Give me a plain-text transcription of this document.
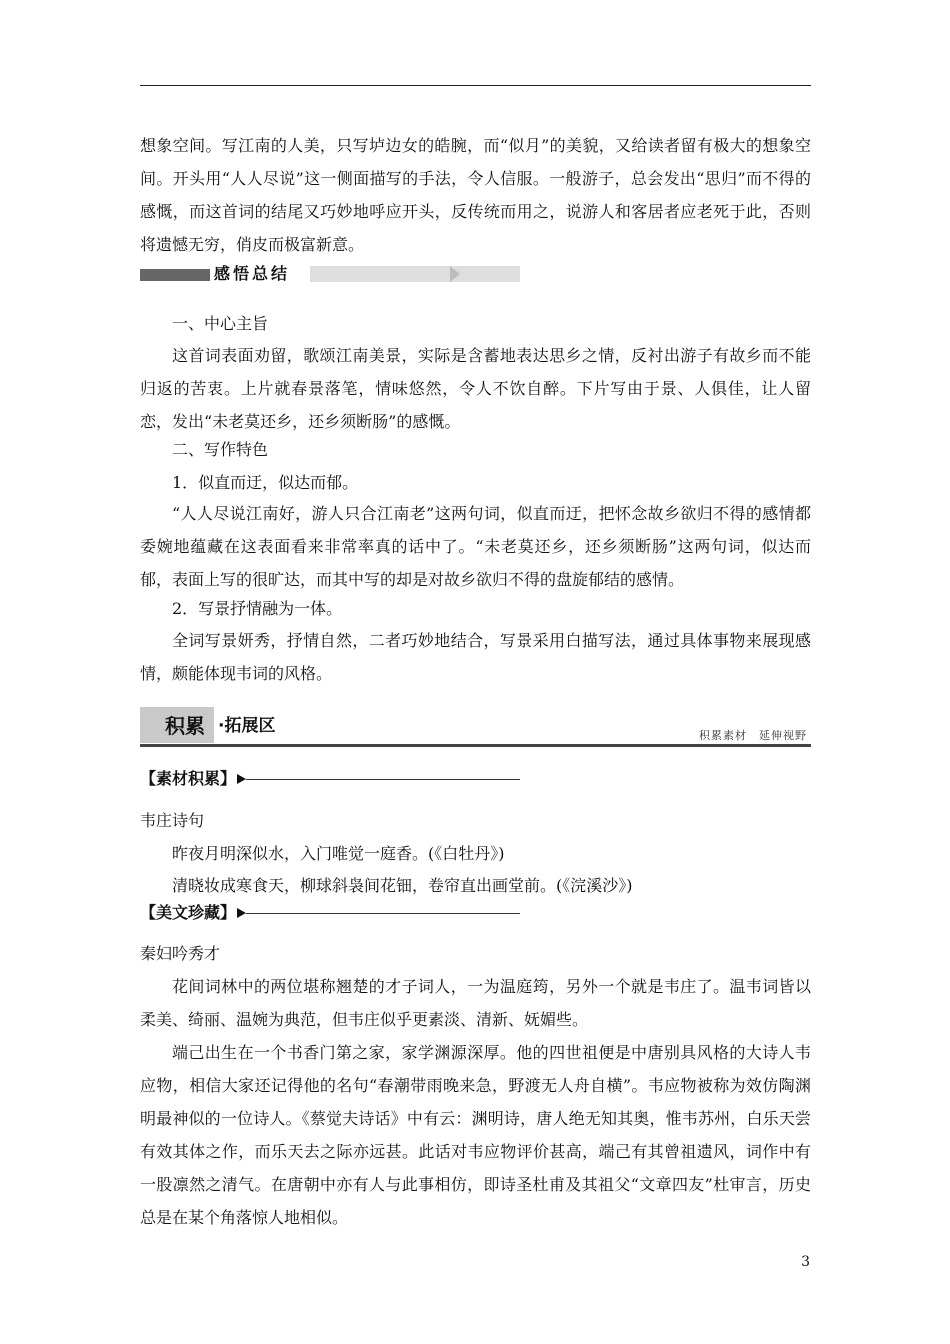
想象空间。写江南的人美，只写垆边女的皓腕，而“似月”的美貌，又给读者留有极大的想象空间。开头用“人人尽说”这一侧面描写的手法，令人信服。一般游子，总会发出“思归”而不得的感慨，而这首词的结尾又巧妙地呼应开头，反传统而用之，说游人和客居者应老死于此，否则将遗憾无穷，俏皮而极富新意。

感悟总结

一、中心主旨

这首词表面劝留，歌颂江南美景，实际是含蓄地表达思乡之情，反衬出游子有故乡而不能归返的苦衷。上片就春景落笔，情味悠然，令人不饮自醉。下片写由于景、人俱佳，让人留恋，发出“未老莫还乡，还乡须断肠”的感慨。

二、写作特色

1．似直而迂，似达而郁。

“人人尽说江南好，游人只合江南老”这两句词，似直而迂，把怀念故乡欲归不得的感情都委婉地蕴藏在这表面看来非常率真的话中了。“未老莫还乡，还乡须断肠”这两句词，似达而郁，表面上写的很旷达，而其中写的却是对故乡欲归不得的盘旋郁结的感情。

2．写景抒情融为一体。

全词写景妍秀，抒情自然，二者巧妙地结合，写景采用白描写法，通过具体事物来展现感情，颇能体现韦词的风格。

积累 ·拓展区	积累素材　延伸视野
【素材积累】

韦庄诗句

昨夜月明深似水，入门唯觉一庭香。(《白牡丹》)

清晓妆成寒食天，柳球斜袅间花钿，卷帘直出画堂前。(《浣溪沙》)

【美文珍藏】

秦妇吟秀才

花间词林中的两位堪称翘楚的才子词人，一为温庭筠，另外一个就是韦庄了。温韦词皆以柔美、绮丽、温婉为典范，但韦庄似乎更素淡、清新、妩媚些。

端己出生在一个书香门第之家，家学渊源深厚。他的四世祖便是中唐别具风格的大诗人韦应物，相信大家还记得他的名句“春潮带雨晚来急，野渡无人舟自横”。韦应物被称为效仿陶渊明最神似的一位诗人。《蔡觉夫诗话》中有云：渊明诗，唐人绝无知其奥，惟韦苏州，白乐天尝有效其体之作，而乐天去之际亦远甚。此话对韦应物评价甚高，端己有其曾祖遗风，词作中有一股凛然之清气。在唐朝中亦有人与此事相仿，即诗圣杜甫及其祖父“文章四友”杜审言，历史总是在某个角落惊人地相似。

3
